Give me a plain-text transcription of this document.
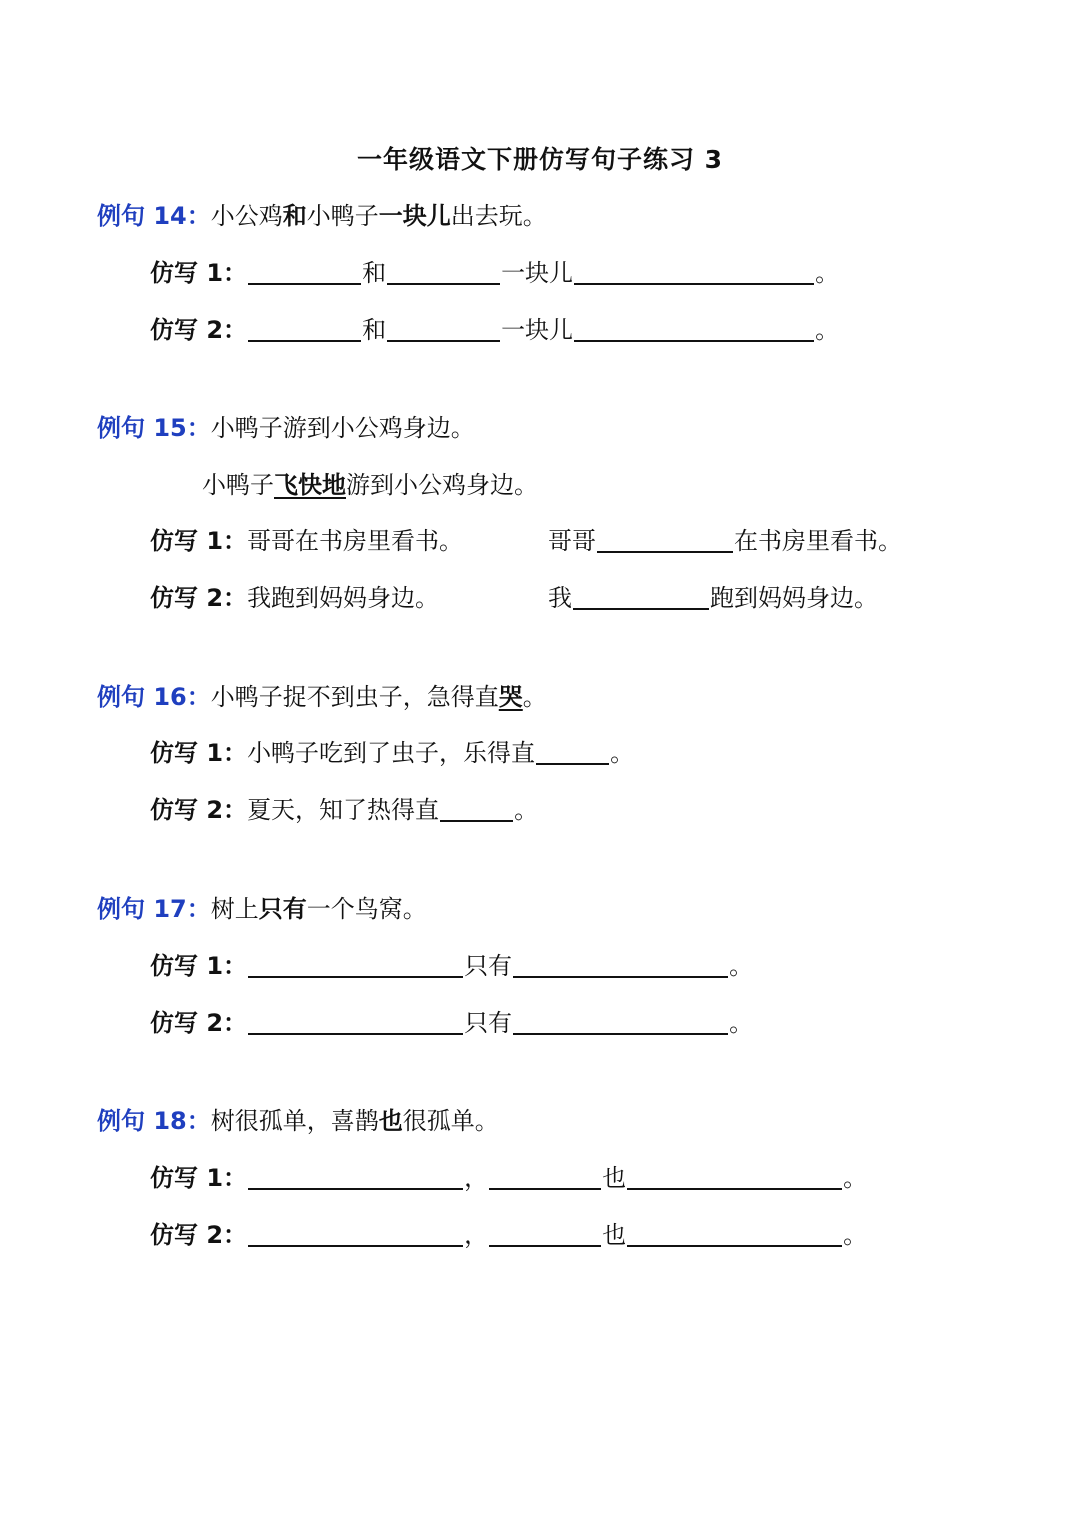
一年级语文下册仿写句子练习 3
例句 14：小公鸡和小鸭子一块儿出去玩。
仿写 1：	和	一块儿	。
仿写 2：	和	一块儿	。
例句 15：小鸭子游到小公鸡身边。
小鸭子飞快地游到小公鸡身边。
仿写 1：哥哥在书房里看书。	哥哥	在书房里看书。
仿写 2：我跑到妈妈身边。	我	跑到妈妈身边。
例句 16：小鸭子捉不到虫子，急得直哭。
仿写 1：小鸭子吃到了虫子，乐得直	。
仿写 2：夏天，知了热得直	。
例句 17：树上只有一个鸟窝。
仿写 1：	只有	。
仿写 2：	只有	。
例句 18：树很孤单，喜鹊也很孤单。
仿写 1：	，	也	。
仿写 2：	，	也	。
